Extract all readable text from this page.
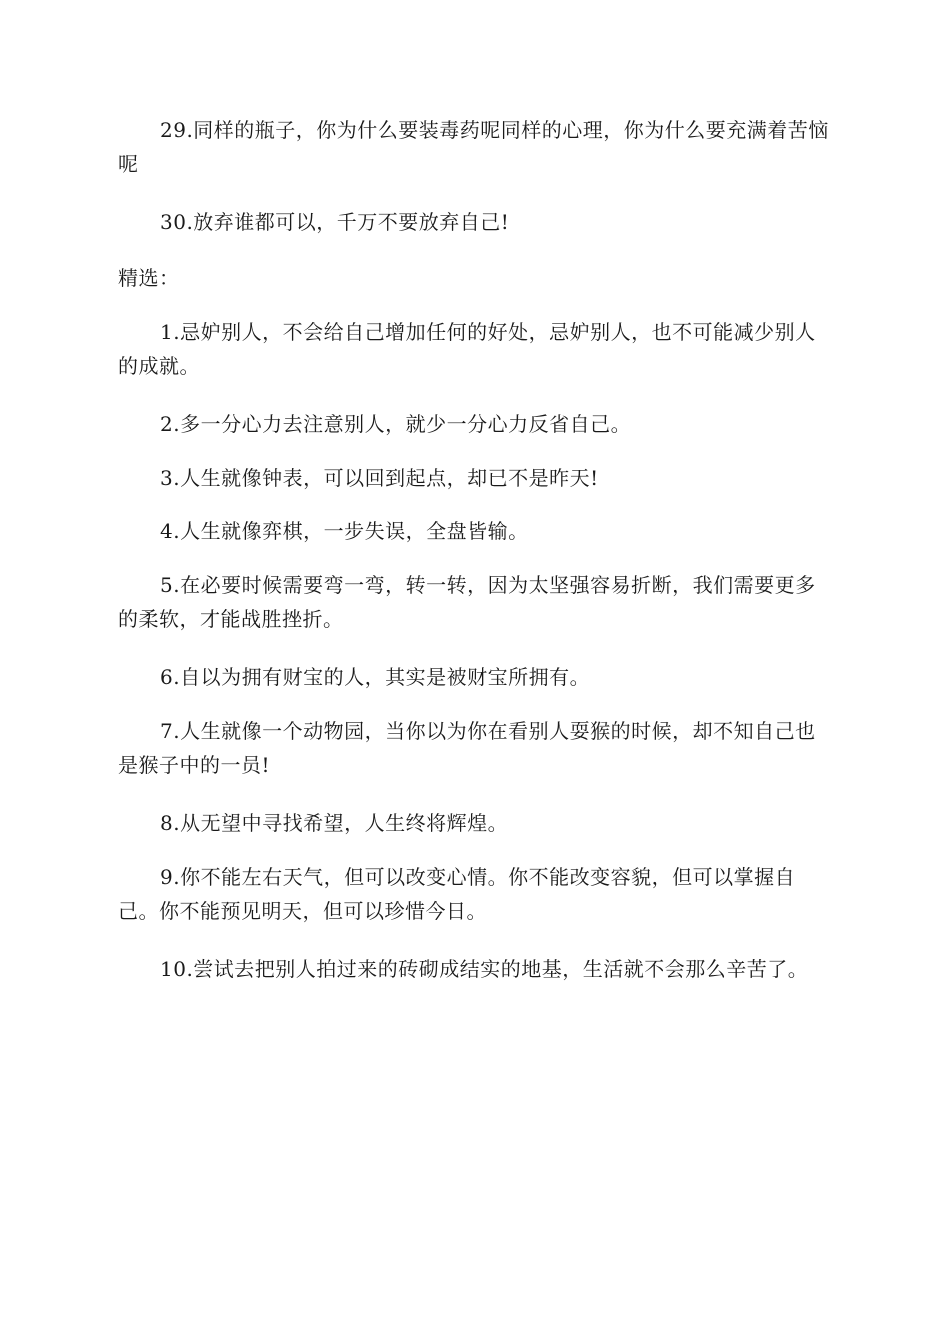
29.同样的瓶子，你为什么要装毒药呢同样的心理，你为什么要充满着苦恼呢

30.放弃谁都可以，千万不要放弃自己!

精选：

1.忌妒别人，不会给自己增加任何的好处，忌妒别人，也不可能减少别人的成就。

2.多一分心力去注意别人，就少一分心力反省自己。

3.人生就像钟表，可以回到起点，却已不是昨天!

4.人生就像弈棋，一步失误，全盘皆输。

5.在必要时候需要弯一弯，转一转，因为太坚强容易折断，我们需要更多的柔软，才能战胜挫折。

6.自以为拥有财宝的人，其实是被财宝所拥有。

7.人生就像一个动物园，当你以为你在看别人耍猴的时候，却不知自己也是猴子中的一员!

8.从无望中寻找希望，人生终将辉煌。

9.你不能左右天气，但可以改变心情。你不能改变容貌，但可以掌握自己。你不能预见明天，但可以珍惜今日。

10.尝试去把别人拍过来的砖砌成结实的地基，生活就不会那么辛苦了。
